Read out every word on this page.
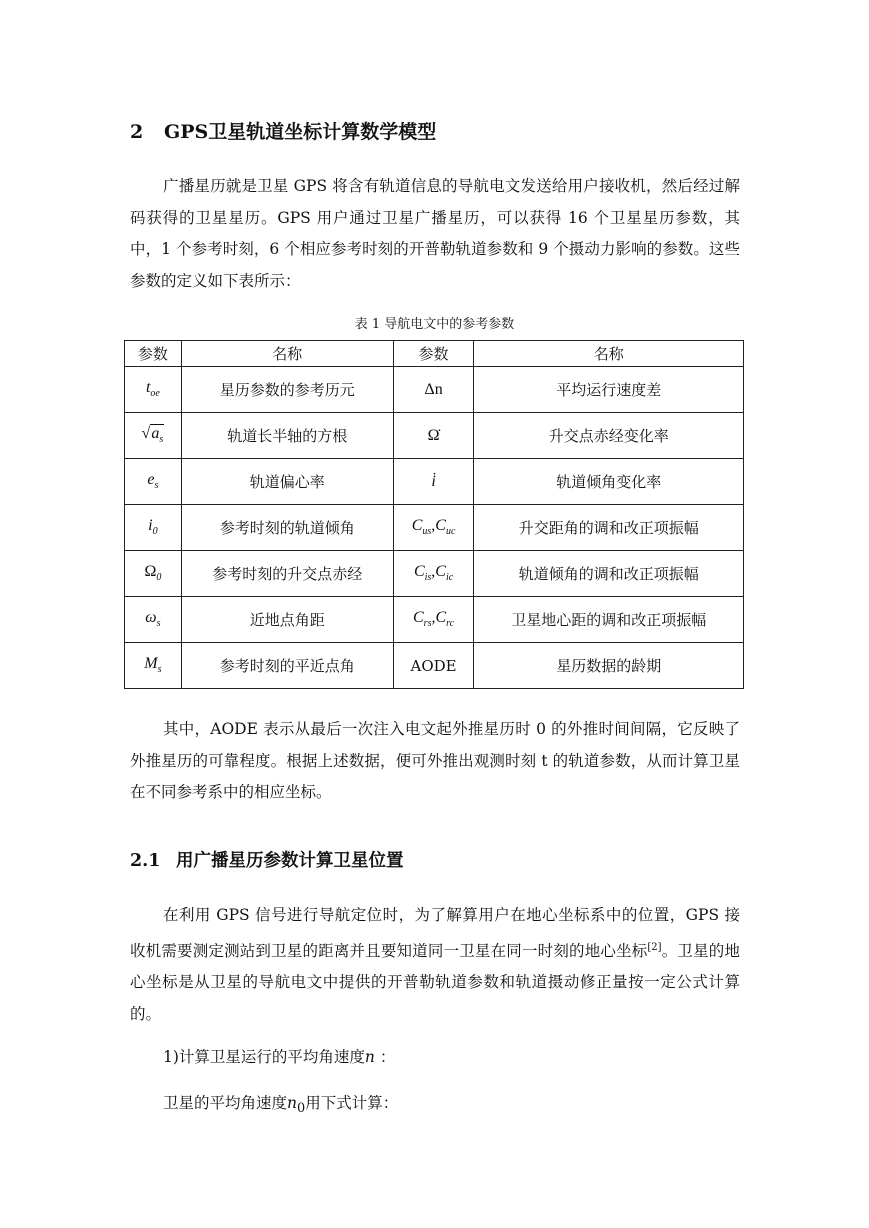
2 GPS卫星轨道坐标计算数学模型

广播星历就是卫星 GPS 将含有轨道信息的导航电文发送给用户接收机，然后经过解码获得的卫星星历。GPS 用户通过卫星广播星历，可以获得 16 个卫星星历参数，其中，1 个参考时刻，6 个相应参考时刻的开普勒轨道参数和 9 个摄动力影响的参数。这些参数的定义如下表所示：

表 1 导航电文中的参考参数
参数	名称	参数	名称
$t_{oe}$	星历参数的参考历元	Δn	平均运行速度差
$√a_s$	轨道长半轴的方根	Ω̇	升交点赤经变化率
$e_s$	轨道偏心率	i̇	轨道倾角变化率
$i_0$	参考时刻的轨道倾角	$C_{us},C_{uc}$	升交距角的调和改正项振幅
$\Omega_0$	参考时刻的升交点赤经	$C_{is},C_{ic}$	轨道倾角的调和改正项振幅
$\omega_s$	近地点角距	$C_{rs},C_{rc}$	卫星地心距的调和改正项振幅
$M_s$	参考时刻的平近点角	AODE	星历数据的龄期

其中，AODE 表示从最后一次注入电文起外推星历时 0 的外推时间间隔，它反映了外推星历的可靠程度。根据上述数据，便可外推出观测时刻 t 的轨道参数，从而计算卫星在不同参考系中的相应坐标。

2.1 用广播星历参数计算卫星位置

在利用 GPS 信号进行导航定位时，为了解算用户在地心坐标系中的位置，GPS 接收机需要测定测站到卫星的距离并且要知道同一卫星在同一时刻的地心坐标[2]。卫星的地心坐标是从卫星的导航电文中提供的开普勒轨道参数和轨道摄动修正量按一定公式计算的。

1)计算卫星运行的平均角速度n ：

卫星的平均角速度$n_0$用下式计算：
